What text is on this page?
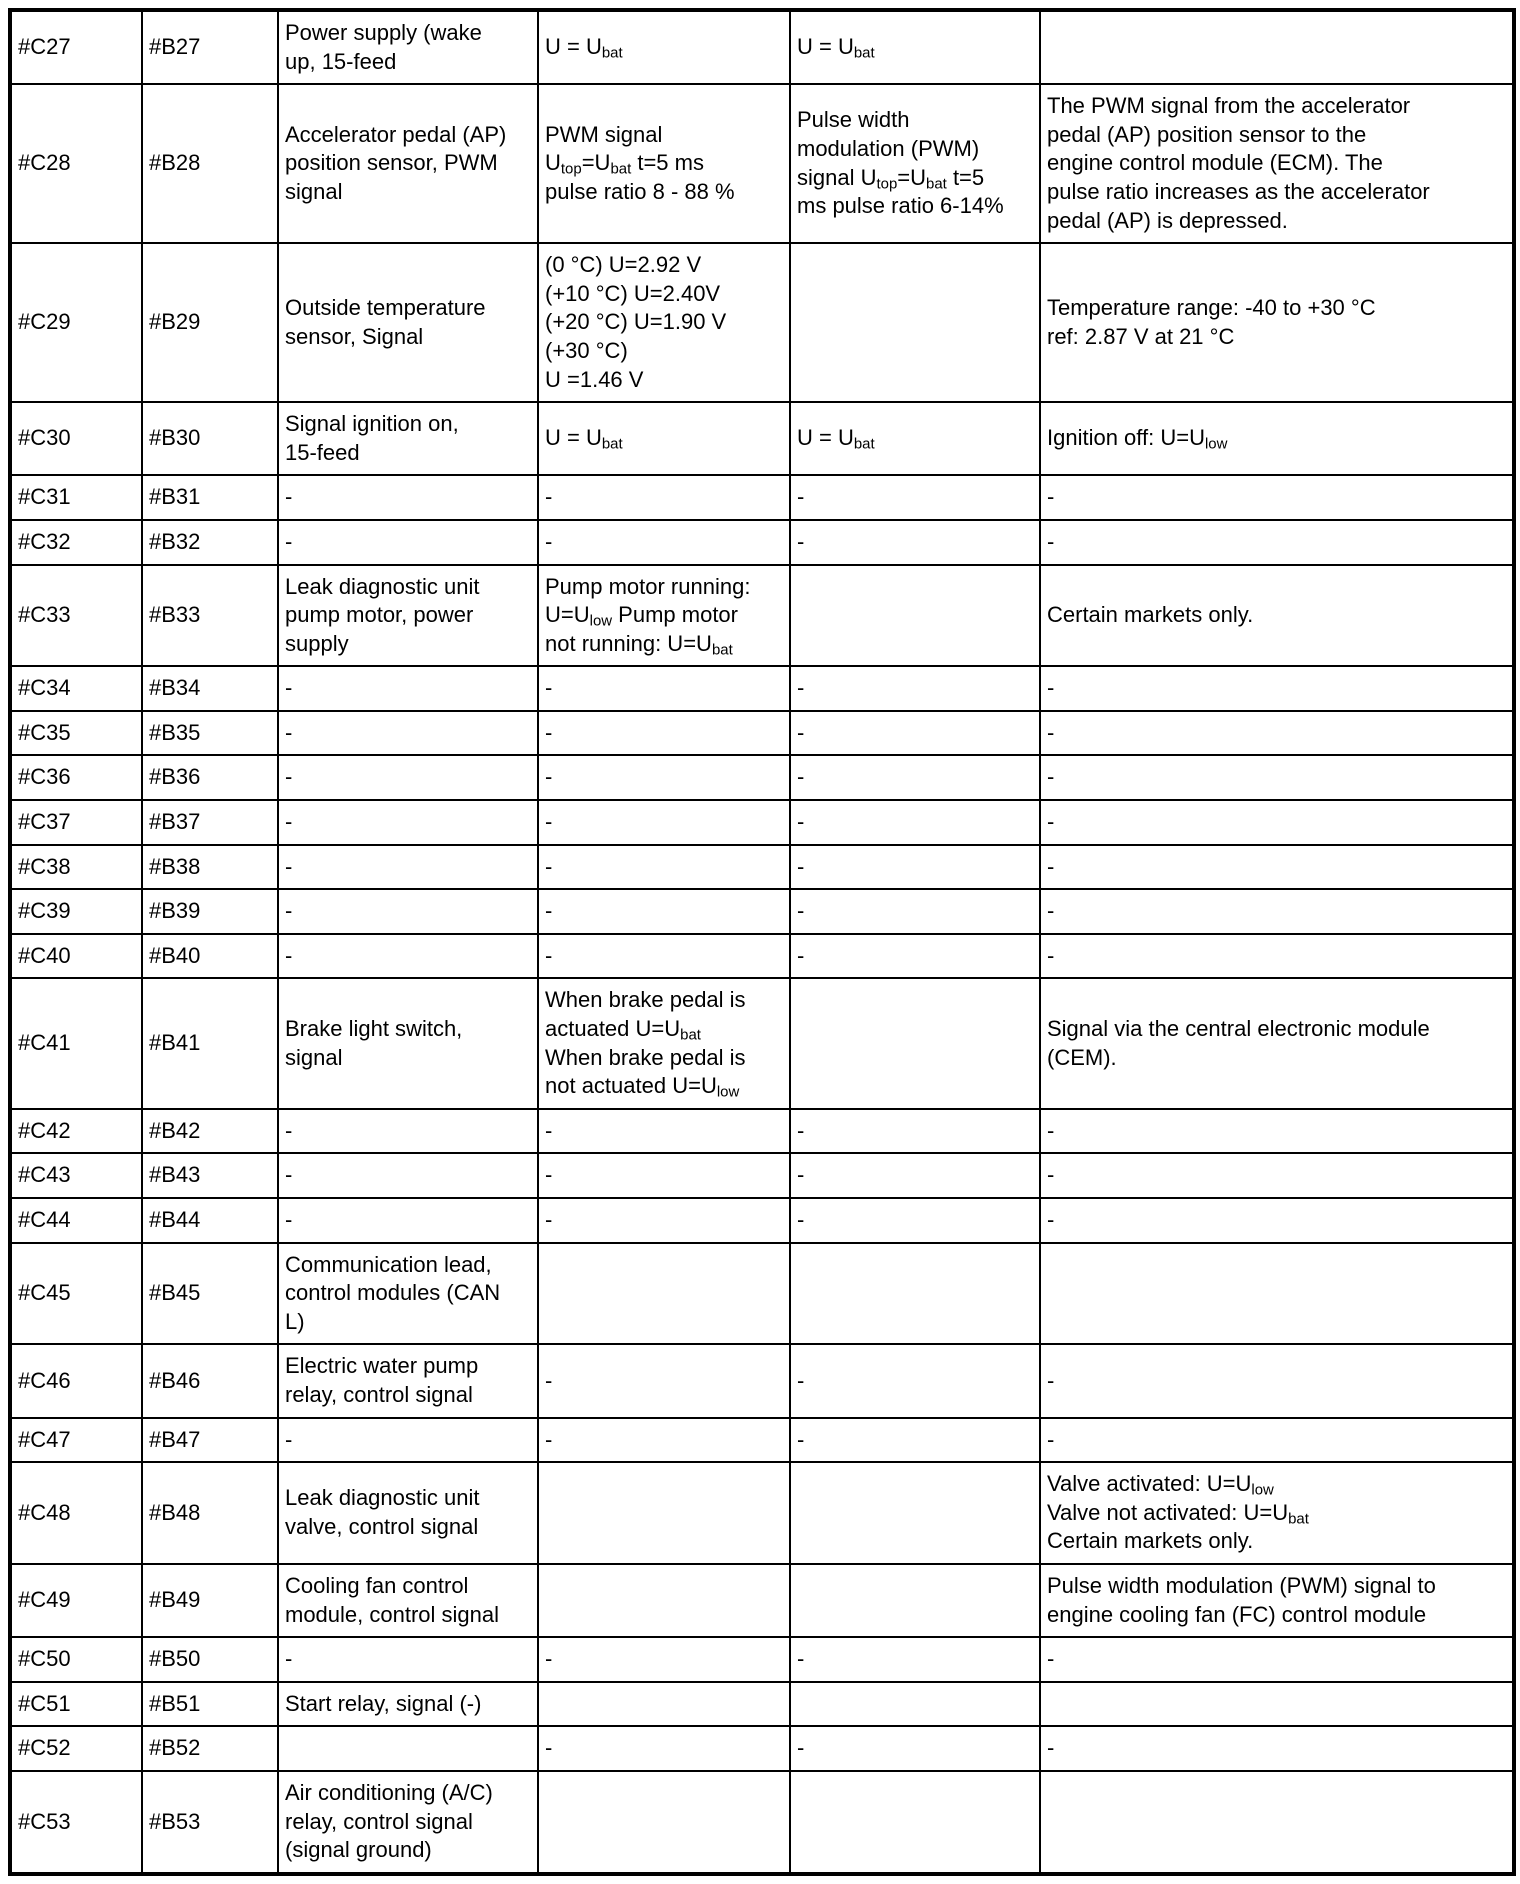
#C27	#B27	Power supply (wake
up, 15-feed	$U = U_{bat}$	$U = U_{bat}$	
#C28	#B28	Accelerator pedal (AP)
position sensor, PWM
signal	PWM signal
$U_{top}=U_{bat}$ t=5 ms
pulse ratio 8 - 88 %	Pulse width
modulation (PWM)
signal $U_{top}=U_{bat}$ t=5
ms pulse ratio 6-14%	The PWM signal from the accelerator
pedal (AP) position sensor to the
engine control module (ECM). The
pulse ratio increases as the accelerator
pedal (AP) is depressed.
#C29	#B29	Outside temperature
sensor, Signal	(0 °C) U=2.92 V
(+10 °C) U=2.40V
(+20 °C) U=1.90 V
(+30 °C)
U =1.46 V		Temperature range: -40 to +30 °C
ref: 2.87 V at 21 °C
#C30	#B30	Signal ignition on,
15-feed	$U = U_{bat}$	$U = U_{bat}$	Ignition off: $U=U_{low}$
#C31	#B31	-	-	-	-
#C32	#B32	-	-	-	-
#C33	#B33	Leak diagnostic unit
pump motor, power
supply	Pump motor running:
$U=U_{low}$ Pump motor
not running: $U=U_{bat}$		Certain markets only.
#C34	#B34	-	-	-	-
#C35	#B35	-	-	-	-
#C36	#B36	-	-	-	-
#C37	#B37	-	-	-	-
#C38	#B38	-	-	-	-
#C39	#B39	-	-	-	-
#C40	#B40	-	-	-	-
#C41	#B41	Brake light switch,
signal	When brake pedal is
actuated $U=U_{bat}$
When brake pedal is
not actuated $U=U_{low}$		Signal via the central electronic module
(CEM).
#C42	#B42	-	-	-	-
#C43	#B43	-	-	-	-
#C44	#B44	-	-	-	-
#C45	#B45	Communication lead,
control modules (CAN
L)			
#C46	#B46	Electric water pump
relay, control signal	-	-	-
#C47	#B47	-	-	-	-
#C48	#B48	Leak diagnostic unit
valve, control signal			Valve activated: $U=U_{low}$
Valve not activated: $U=U_{bat}$
Certain markets only.
#C49	#B49	Cooling fan control
module, control signal			Pulse width modulation (PWM) signal to
engine cooling fan (FC) control module
#C50	#B50	-	-	-	-
#C51	#B51	Start relay, signal (-)			
#C52	#B52		-	-	-
#C53	#B53	Air conditioning (A/C)
relay, control signal
(signal ground)			
